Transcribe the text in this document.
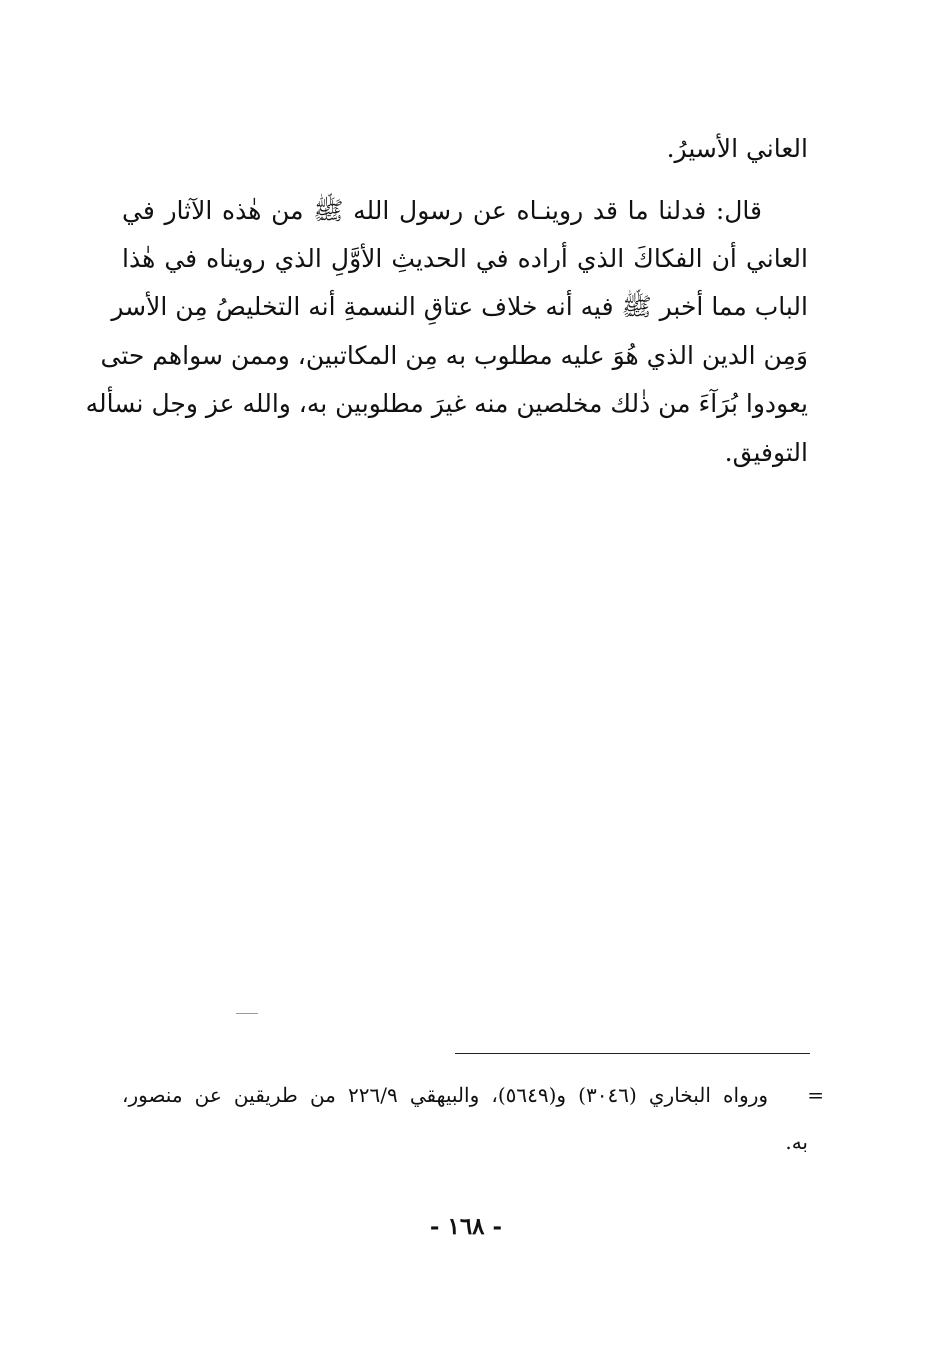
العاني الأسيرُ.
قال: فدلنا ما قد روينـاه عن رسول الله ﷺ من هٰذه الآثار في
العاني أن الفكاكَ الذي أراده في الحديثِ الأوَّلِ الذي رويناه في هٰذا
الباب مما أخبر ﷺ فيه أنه خلاف عتاقِ النسمةِ أنه التخليصُ مِن الأسر
وَمِن الدين الذي هُوَ عليه مطلوب به مِن المكاتبين، وممن سواهم حتى
يعودوا بُرَآءَ من ذٰلك مخلصين منه غيرَ مطلوبين به، والله عز وجل نسأله
التوفيق.
=
ورواه البخاري (٣٠٤٦) و(٥٦٤٩)، والبيهقي ٢٢٦/٩ من طريقين عن منصور،
به.
- ١٦٨ -
